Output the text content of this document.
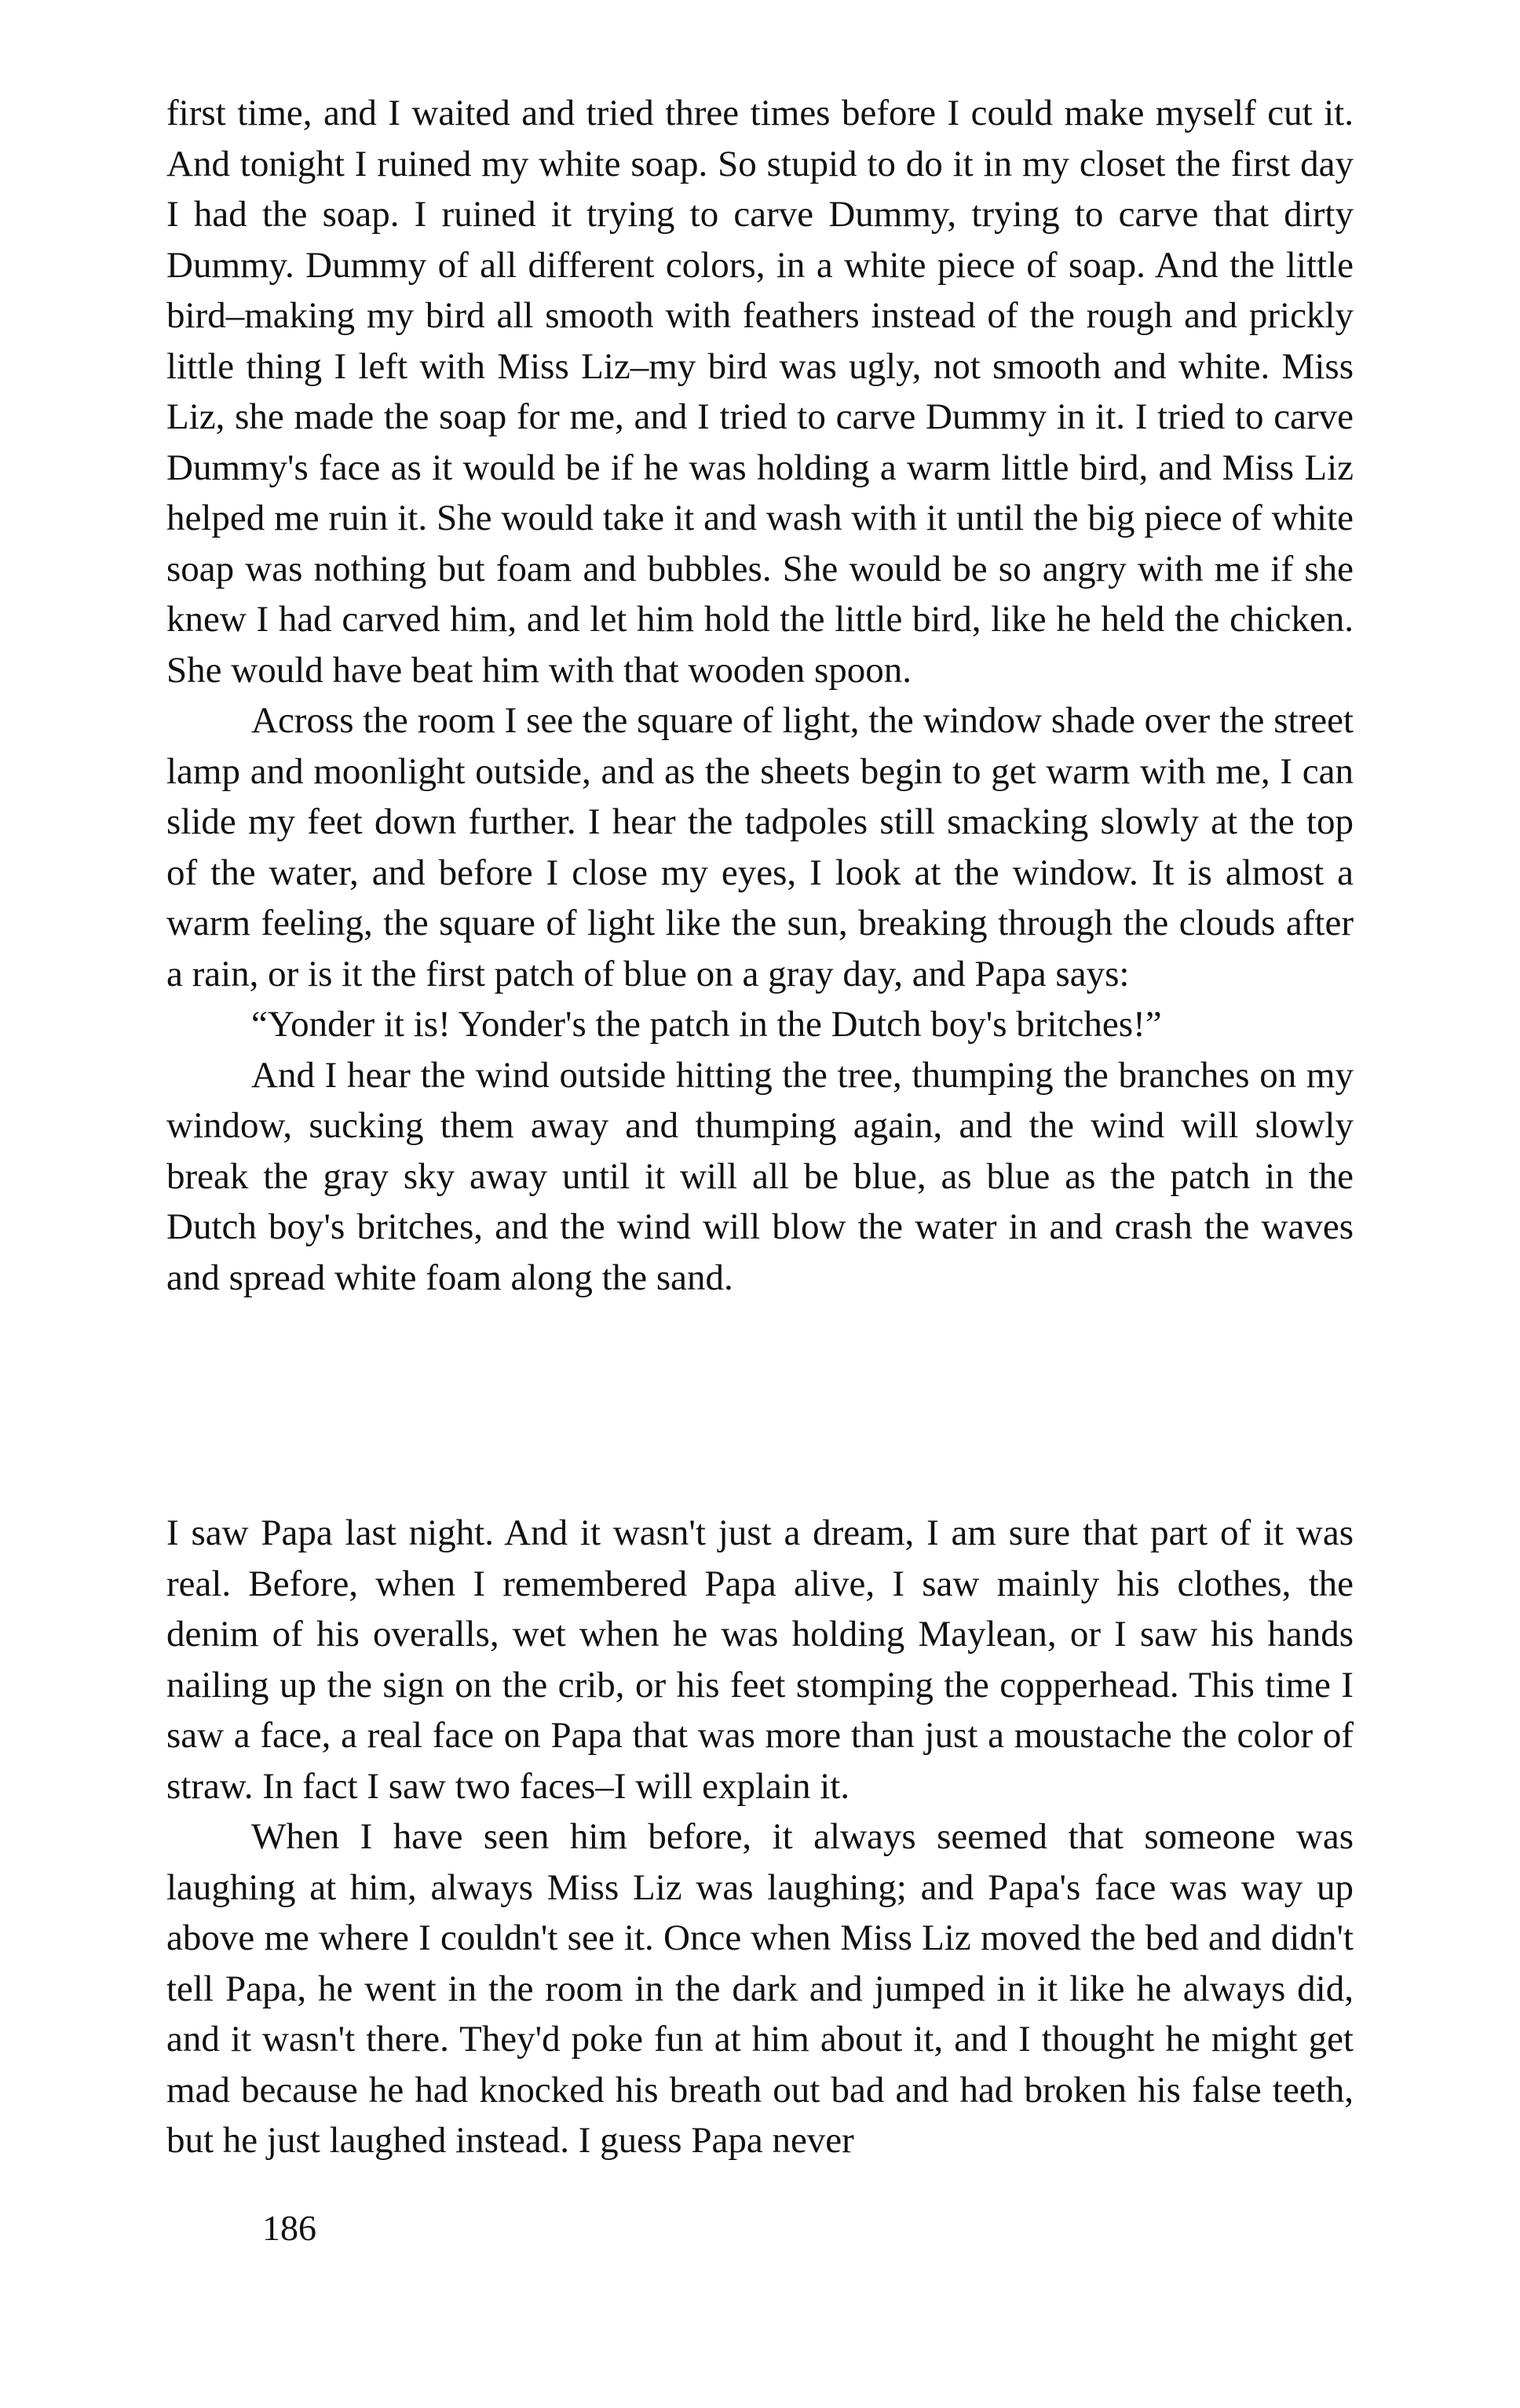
first time, and I waited and tried three times before I could make myself cut it. And tonight I ruined my white soap. So stupid to do it in my closet the first day I had the soap. I ruined it trying to carve Dummy, trying to carve that dirty Dummy. Dummy of all different colors, in a white piece of soap. And the little bird–making my bird all smooth with feathers instead of the rough and prickly little thing I left with Miss Liz–my bird was ugly, not smooth and white. Miss Liz, she made the soap for me, and I tried to carve Dummy in it. I tried to carve Dummy's face as it would be if he was holding a warm little bird, and Miss Liz helped me ruin it. She would take it and wash with it until the big piece of white soap was nothing but foam and bubbles. She would be so angry with me if she knew I had carved him, and let him hold the little bird, like he held the chicken. She would have beat him with that wooden spoon.

Across the room I see the square of light, the window shade over the street lamp and moonlight outside, and as the sheets begin to get warm with me, I can slide my feet down further. I hear the tadpoles still smacking slowly at the top of the water, and before I close my eyes, I look at the window. It is almost a warm feeling, the square of light like the sun, breaking through the clouds after a rain, or is it the first patch of blue on a gray day, and Papa says:

“Yonder it is! Yonder's the patch in the Dutch boy's britches!”

And I hear the wind outside hitting the tree, thumping the branches on my window, sucking them away and thumping again, and the wind will slowly break the gray sky away until it will all be blue, as blue as the patch in the Dutch boy's britches, and the wind will blow the water in and crash the waves and spread white foam along the sand.

I saw Papa last night. And it wasn't just a dream, I am sure that part of it was real. Before, when I remembered Papa alive, I saw mainly his clothes, the denim of his overalls, wet when he was holding Maylean, or I saw his hands nailing up the sign on the crib, or his feet stomping the copperhead. This time I saw a face, a real face on Papa that was more than just a moustache the color of straw. In fact I saw two faces–I will explain it.

When I have seen him before, it always seemed that someone was laughing at him, always Miss Liz was laughing; and Papa's face was way up above me where I couldn't see it. Once when Miss Liz moved the bed and didn't tell Papa, he went in the room in the dark and jumped in it like he always did, and it wasn't there. They'd poke fun at him about it, and I thought he might get mad because he had knocked his breath out bad and had broken his false teeth, but he just laughed instead. I guess Papa never

186
